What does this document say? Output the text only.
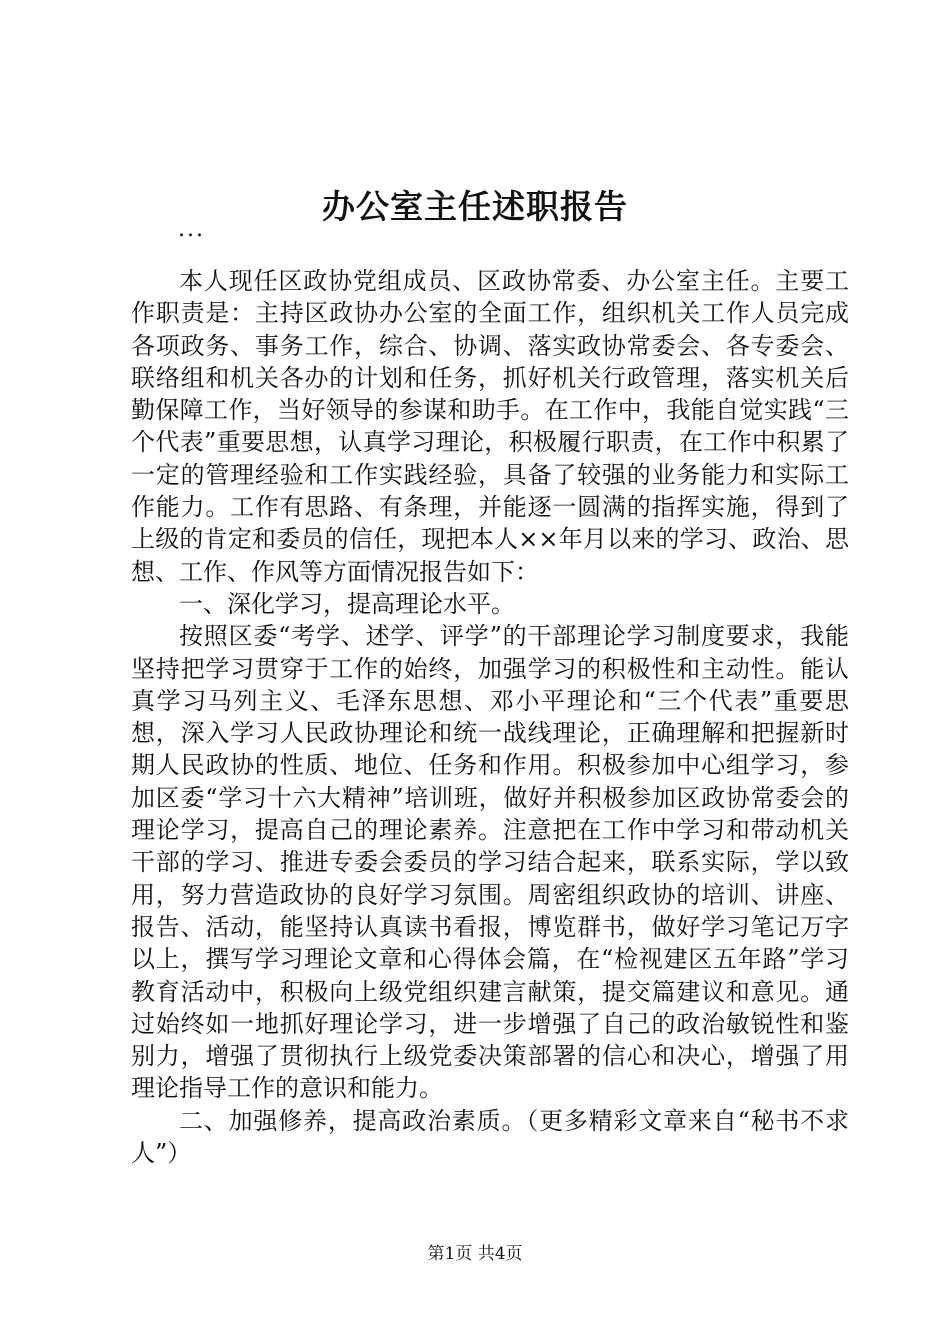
办公室主任述职报告
...

本人现任区政协党组成员、区政协常委、办公室主任。主要工作职责是：主持区政协办公室的全面工作，组织机关工作人员完成各项政务、事务工作，综合、协调、落实政协常委会、各专委会、联络组和机关各办的计划和任务，抓好机关行政管理，落实机关后勤保障工作，当好领导的参谋和助手。在工作中，我能自觉实践“三个代表”重要思想，认真学习理论，积极履行职责，在工作中积累了一定的管理经验和工作实践经验，具备了较强的业务能力和实际工作能力。工作有思路、有条理，并能逐一圆满的指挥实施，得到了上级的肯定和委员的信任，现把本人××年月以来的学习、政治、思想、工作、作风等方面情况报告如下：

一、深化学习，提高理论水平。

按照区委“考学、述学、评学”的干部理论学习制度要求，我能坚持把学习贯穿于工作的始终，加强学习的积极性和主动性。能认真学习马列主义、毛泽东思想、邓小平理论和“三个代表”重要思想，深入学习人民政协理论和统一战线理论，正确理解和把握新时期人民政协的性质、地位、任务和作用。积极参加中心组学习，参加区委“学习十六大精神”培训班，做好并积极参加区政协常委会的理论学习，提高自己的理论素养。注意把在工作中学习和带动机关干部的学习、推进专委会委员的学习结合起来，联系实际，学以致用，努力营造政协的良好学习氛围。周密组织政协的培训、讲座、报告、活动，能坚持认真读书看报，博览群书，做好学习笔记万字以上，撰写学习理论文章和心得体会篇，在“检视建区五年路”学习教育活动中，积极向上级党组织建言献策，提交篇建议和意见。通过始终如一地抓好理论学习，进一步增强了自己的政治敏锐性和鉴别力，增强了贯彻执行上级党委决策部署的信心和决心，增强了用理论指导工作的意识和能力。

二、加强修养，提高政治素质。（更多精彩文章来自“秘书不求人”）

第1页 共4页
